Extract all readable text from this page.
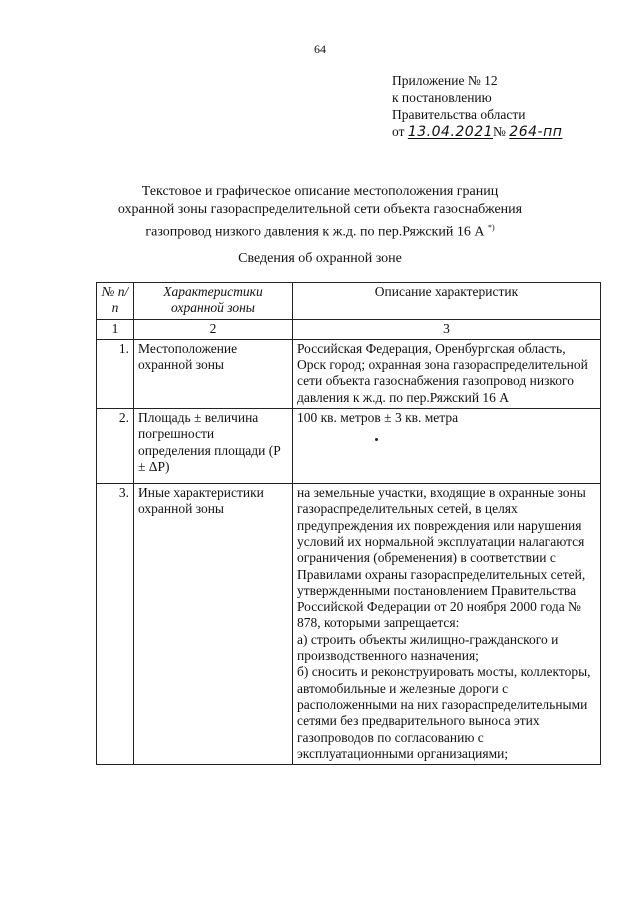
64
Приложение № 12
к постановлению
Правительства области
от 13.04.2021№ 264-пп
Текстовое и графическое описание местоположения границ
охранной зоны газораспределительной сети объекта газоснабжения
газопровод низкого давления к ж.д. по пер.Ряжский 16 А *)
Сведения об охранной зоне
№ п/п	Характеристики охранной зоны	Описание характеристик
1	2	3
1.	Местоположение охранной зоны	Российская Федерация, Оренбургская область, Орск город; охранная зона газораспределительной сети объекта газоснабжения газопровод низкого давления к ж.д. по пер.Ряжский 16 А
2.	Площадь ± величина погрешности определения площади (Р ± ΔР)	100 кв. метров ± 3 кв. метра

3.	Иные характеристики охранной зоны	на земельные участки, входящие в охранные зоны газораспределительных сетей, в целях предупреждения их повреждения или нарушения условий их нормальной эксплуатации налагаются ограничения (обременения) в соответствии с Правилами охраны газораспределительных сетей, утвержденными постановлением Правительства Российской Федерации от 20 ноября 2000 года № 878, которыми запрещается:
а) строить объекты жилищно-гражданского и производственного назначения;
б) сносить и реконструировать мосты, коллекторы, автомобильные и железные дороги с расположенными на них газораспределительными сетями без предварительного выноса этих газопроводов по согласованию с эксплуатационными организациями;
